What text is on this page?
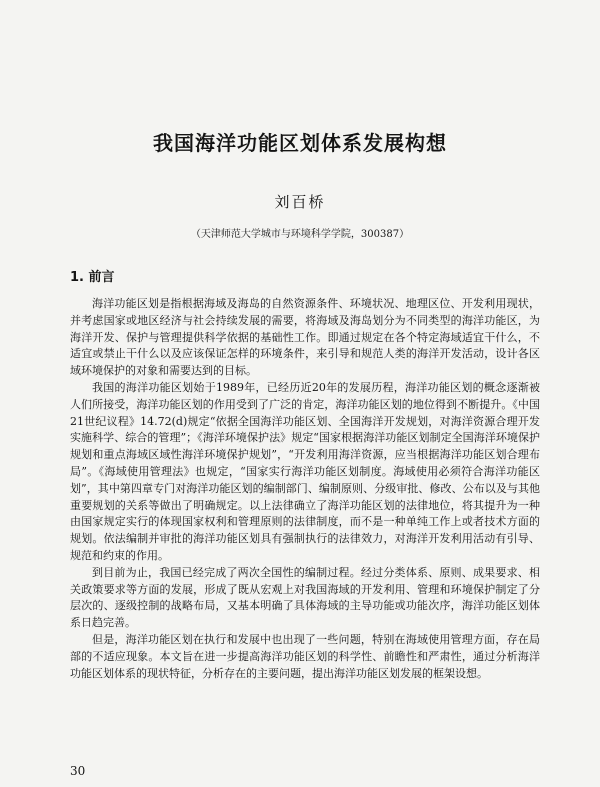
我国海洋功能区划体系发展构想
刘百桥
（天津师范大学城市与环境科学学院，300387）
1. 前言

海洋功能区划是指根据海域及海岛的自然资源条件、环境状况、地理区位、开发利用现状，并考虑国家或地区经济与社会持续发展的需要，将海域及海岛划分为不同类型的海洋功能区，为海洋开发、保护与管理提供科学依据的基础性工作。即通过规定在各个特定海域适宜干什么，不适宜或禁止干什么以及应该保证怎样的环境条件，来引导和规范人类的海洋开发活动，设计各区域环境保护的对象和需要达到的目标。

我国的海洋功能区划始于1989年，已经历近20年的发展历程，海洋功能区划的概念逐渐被人们所接受，海洋功能区划的作用受到了广泛的肯定，海洋功能区划的地位得到不断提升。《中国21世纪议程》14.72(d)规定“依据全国海洋功能区划、全国海洋开发规划，对海洋资源合理开发实施科学、综合的管理”；《海洋环境保护法》规定“国家根据海洋功能区划制定全国海洋环境保护规划和重点海域区域性海洋环境保护规划”，“开发利用海洋资源，应当根据海洋功能区划合理布局”。《海域使用管理法》也规定，“国家实行海洋功能区划制度。海域使用必须符合海洋功能区划”，其中第四章专门对海洋功能区划的编制部门、编制原则、分级审批、修改、公布以及与其他重要规划的关系等做出了明确规定。以上法律确立了海洋功能区划的法律地位，将其提升为一种由国家规定实行的体现国家权利和管理原则的法律制度，而不是一种单纯工作上或者技术方面的规划。依法编制并审批的海洋功能区划具有强制执行的法律效力，对海洋开发利用活动有引导、规范和约束的作用。

到目前为止，我国已经完成了两次全国性的编制过程。经过分类体系、原则、成果要求、相关政策要求等方面的发展，形成了既从宏观上对我国海域的开发利用、管理和环境保护制定了分层次的、逐级控制的战略布局，又基本明确了具体海域的主导功能或功能次序，海洋功能区划体系日趋完善。

但是，海洋功能区划在执行和发展中也出现了一些问题，特别在海域使用管理方面，存在局部的不适应现象。本文旨在进一步提高海洋功能区划的科学性、前瞻性和严肃性，通过分析海洋功能区划体系的现状特征，分析存在的主要问题，提出海洋功能区划发展的框架设想。

30
